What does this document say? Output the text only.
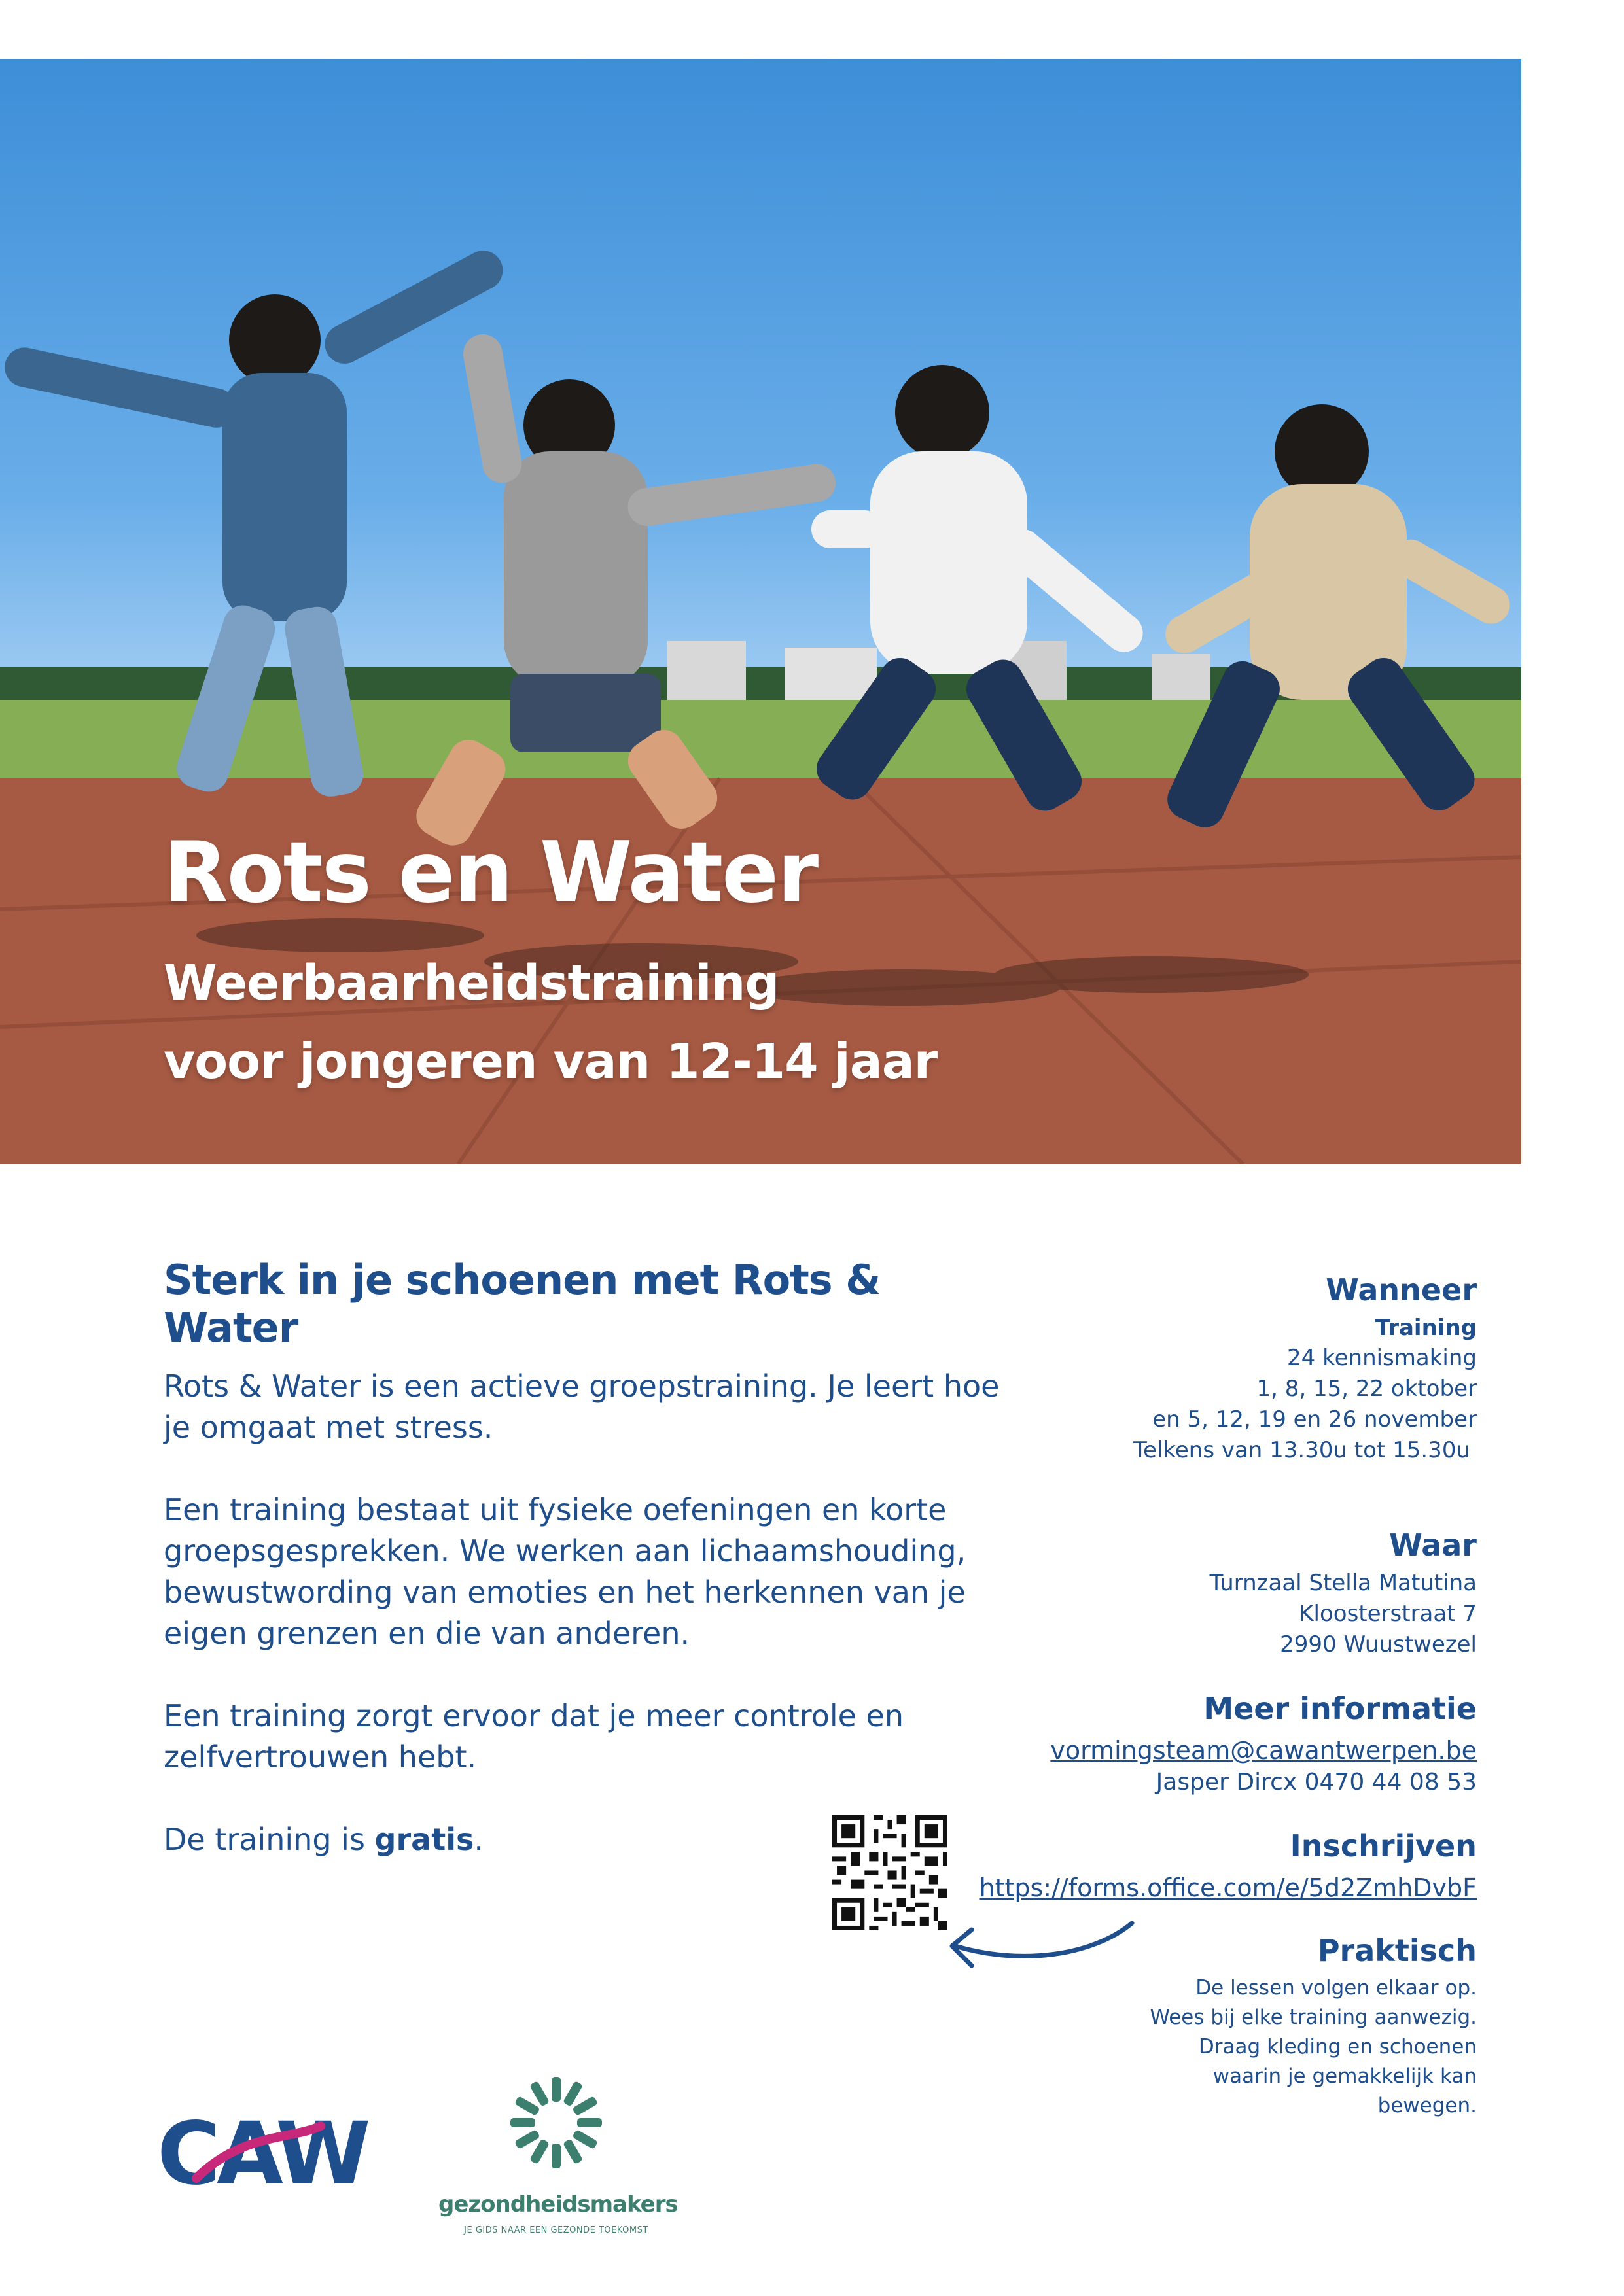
Rots en Water

Weerbaarheidstraining

voor jongeren van 12-14 jaar

Sterk in je schoenen met Rots & Water

Rots & Water is een actieve groepstraining. Je leert hoe je omgaat met stress.

Een training bestaat uit fysieke oefeningen en korte groepsgesprekken. We werken aan lichaamshouding, bewustwording van emoties en het herkennen van je eigen grenzen en die van anderen.

Een training zorgt ervoor dat je meer controle en zelfvertrouwen hebt.

De training is gratis.

Wanneer

Training

24 kennismaking

1, 8, 15, 22 oktober

en 5, 12, 19 en 26 november

Telkens van 13.30u tot 15.30u

Waar

Turnzaal Stella Matutina

Kloosterstraat 7

2990 Wuustwezel

Meer informatie

vormingsteam@cawantwerpen.be

Jasper Dircx 0470 44 08 53

Inschrijven

https://forms.office.com/e/5d2ZmhDvbF

Praktisch

De lessen volgen elkaar op.

Wees bij elke training aanwezig.

Draag kleding en schoenen

waarin je gemakkelijk kan

bewegen.

CAW	gezondheidsmakers
JE GIDS NAAR EEN GEZONDE TOEKOMST
